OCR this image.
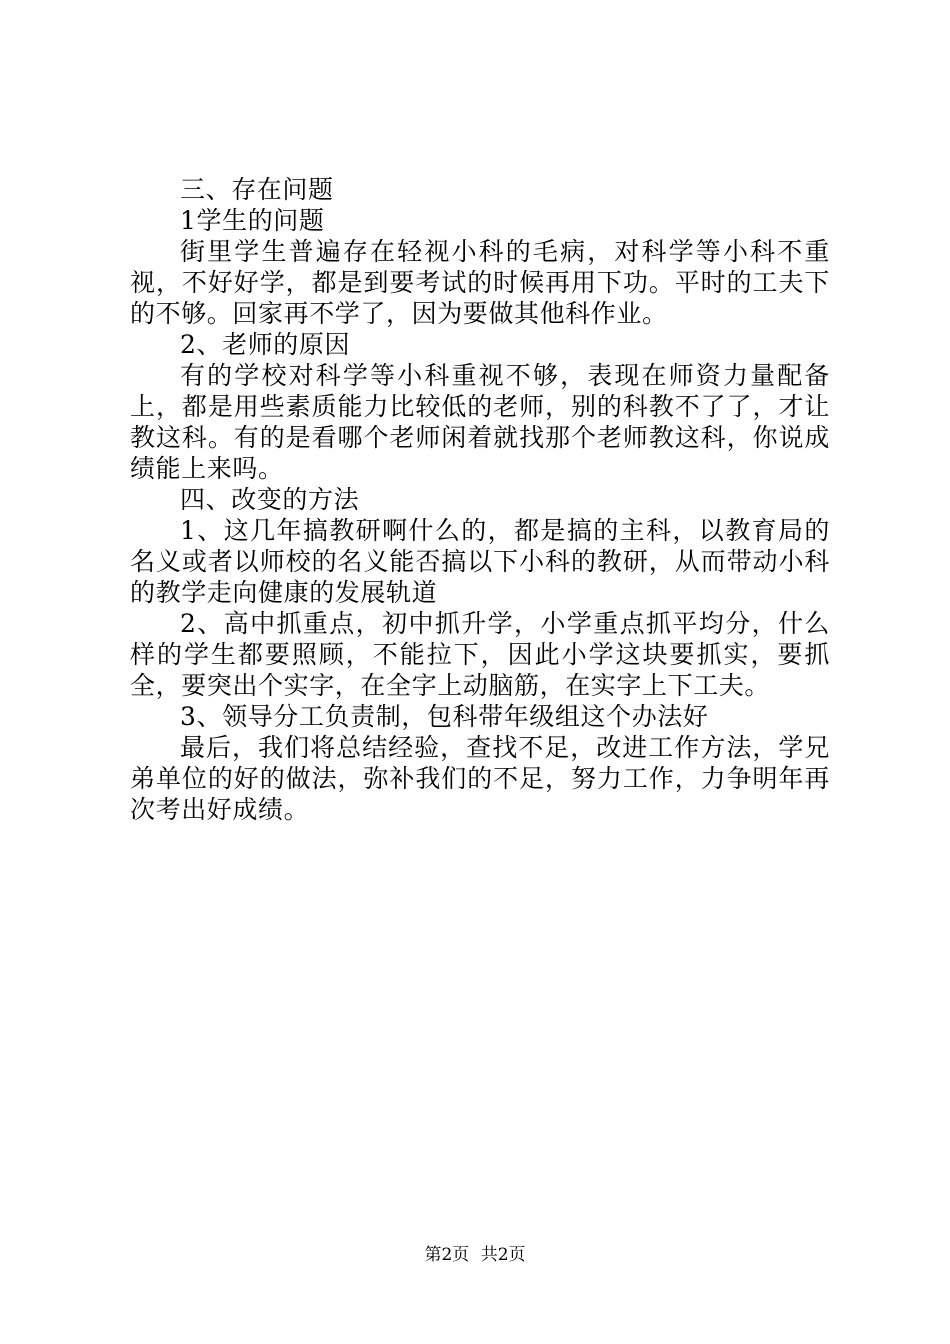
三、存在问题

1学生的问题

街里学生普遍存在轻视小科的毛病，对科学等小科不重视，不好好学，都是到要考试的时候再用下功。平时的工夫下的不够。回家再不学了，因为要做其他科作业。

2、老师的原因

有的学校对科学等小科重视不够，表现在师资力量配备上，都是用些素质能力比较低的老师，别的科教不了了，才让教这科。有的是看哪个老师闲着就找那个老师教这科，你说成绩能上来吗。

四、改变的方法

1、这几年搞教研啊什么的，都是搞的主科，以教育局的名义或者以师校的名义能否搞以下小科的教研，从而带动小科的教学走向健康的发展轨道

2、高中抓重点，初中抓升学，小学重点抓平均分，什么样的学生都要照顾，不能拉下，因此小学这块要抓实，要抓全，要突出个实字，在全字上动脑筋，在实字上下工夫。

3、领导分工负责制，包科带年级组这个办法好

最后，我们将总结经验，查找不足，改进工作方法，学兄弟单位的好的做法，弥补我们的不足，努力工作，力争明年再次考出好成绩。

第2页 共2页
